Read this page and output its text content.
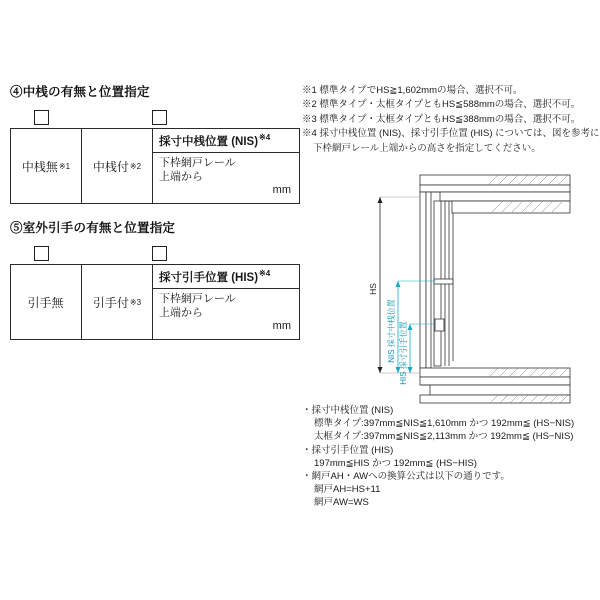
④中桟の有無と位置指定
中桟無 ※1 中桟付 ※2
採寸中桟位置 (NIS)$^{※4}$
下枠網戸レール
上端から
mm
⑤室外引手の有無と位置指定
引手無 引手付 ※3
採寸引手位置 (HIS)$^{※4}$
下枠網戸レール
上端から
mm

※1 標準タイプでHS≧1,602mmの場合、選択不可。

※2 標準タイプ・太框タイプともHS≦588mmの場合、選択不可。

※3 標準タイプ・太框タイプともHS≦388mmの場合、選択不可。

※4 採寸中桟位置 (NIS)、採寸引手位置 (HIS) については、図を参考に

下枠網戸レール上端からの高さを指定してください。

HS
NIS 採寸中桟位置 HIS 採寸引手位置

・採寸中桟位置 (NIS)

標準タイプ:397mm≦NIS≦1,610mm かつ 192mm≦ (HS−NIS)

太框タイプ:397mm≦NIS≦2,113mm かつ 192mm≦ (HS−NIS)

・採寸引手位置 (HIS)

197mm≦HIS かつ 192mm≦ (HS−HIS)

・網戸AH・AWへの換算公式は以下の通りです。

網戸AH=HS+11

網戸AW=WS
